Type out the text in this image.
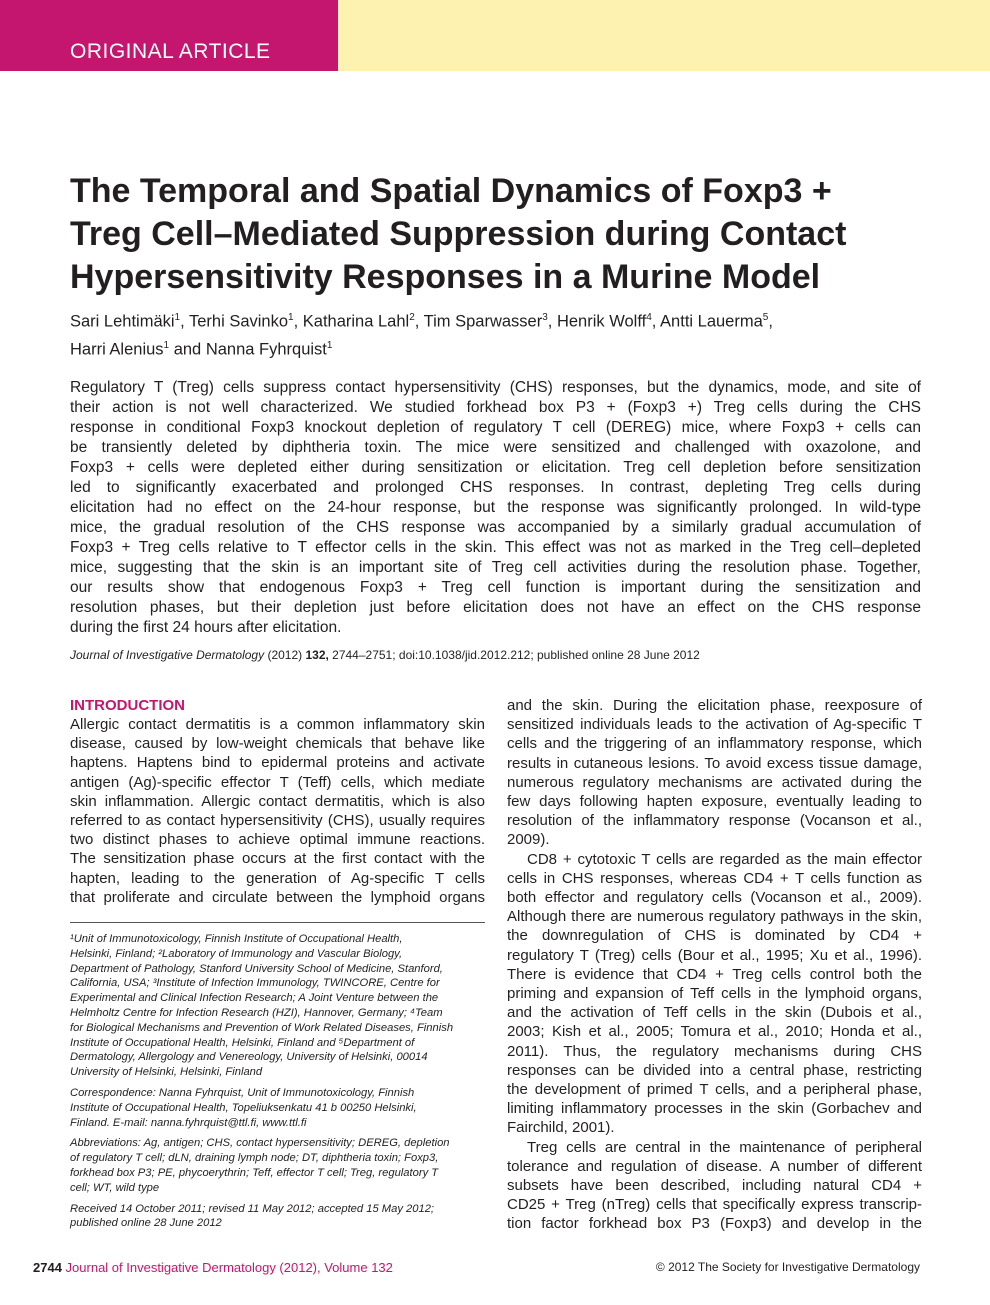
ORIGINAL ARTICLE
The Temporal and Spatial Dynamics of Foxp3 +
Treg Cell–Mediated Suppression during Contact
Hypersensitivity Responses in a Murine Model
Sari Lehtimäki$^1$, Terhi Savinko$^1$, Katharina Lahl$^2$, Tim Sparwasser$^3$, Henrik Wolff$^4$, Antti Lauerma$^5$,
Harri Alenius$^1$ and Nanna Fyhrquist$^1$
Regulatory T (Treg) cells suppress contact hypersensitivity (CHS) responses, but the dynamics, mode, and site of
their action is not well characterized. We studied forkhead box P3 + (Foxp3 +) Treg cells during the CHS
response in conditional Foxp3 knockout depletion of regulatory T cell (DEREG) mice, where Foxp3 + cells can
be transiently deleted by diphtheria toxin. The mice were sensitized and challenged with oxazolone, and
Foxp3 + cells were depleted either during sensitization or elicitation. Treg cell depletion before sensitization
led to significantly exacerbated and prolonged CHS responses. In contrast, depleting Treg cells during
elicitation had no effect on the 24-hour response, but the response was significantly prolonged. In wild-type
mice, the gradual resolution of the CHS response was accompanied by a similarly gradual accumulation of
Foxp3 + Treg cells relative to T effector cells in the skin. This effect was not as marked in the Treg cell–depleted
mice, suggesting that the skin is an important site of Treg cell activities during the resolution phase. Together,
our results show that endogenous Foxp3 + Treg cell function is important during the sensitization and
resolution phases, but their depletion just before elicitation does not have an effect on the CHS response
during the first 24 hours after elicitation.
Journal of Investigative Dermatology (2012) 132, 2744–2751; doi:10.1038/jid.2012.212; published online 28 June 2012
INTRODUCTION
Allergic contact dermatitis is a common inflammatory skin
disease, caused by low-weight chemicals that behave like
haptens. Haptens bind to epidermal proteins and activate
antigen (Ag)-specific effector T (Teff) cells, which mediate
skin inflammation. Allergic contact dermatitis, which is also
referred to as contact hypersensitivity (CHS), usually requires
two distinct phases to achieve optimal immune reactions.
The sensitization phase occurs at the first contact with the
hapten, leading to the generation of Ag-specific T cells
that proliferate and circulate between the lymphoid organs
¹Unit of Immunotoxicology, Finnish Institute of Occupational Health,
Helsinki, Finland; ²Laboratory of Immunology and Vascular Biology,
Department of Pathology, Stanford University School of Medicine, Stanford,
California, USA; ³Institute of Infection Immunology, TWINCORE, Centre for
Experimental and Clinical Infection Research; A Joint Venture between the
Helmholtz Centre for Infection Research (HZI), Hannover, Germany; ⁴Team
for Biological Mechanisms and Prevention of Work Related Diseases, Finnish
Institute of Occupational Health, Helsinki, Finland and ⁵Department of
Dermatology, Allergology and Venereology, University of Helsinki, 00014
University of Helsinki, Helsinki, Finland
Correspondence: Nanna Fyhrquist, Unit of Immunotoxicology, Finnish
Institute of Occupational Health, Topeliuksenkatu 41 b 00250 Helsinki,
Finland. E-mail: nanna.fyhrquist@ttl.fi, www.ttl.fi
Abbreviations: Ag, antigen; CHS, contact hypersensitivity; DEREG, depletion
of regulatory T cell; dLN, draining lymph node; DT, diphtheria toxin; Foxp3,
forkhead box P3; PE, phycoerythrin; Teff, effector T cell; Treg, regulatory T
cell; WT, wild type
Received 14 October 2011; revised 11 May 2012; accepted 15 May 2012;
published online 28 June 2012
and the skin. During the elicitation phase, reexposure of
sensitized individuals leads to the activation of Ag-specific T
cells and the triggering of an inflammatory response, which
results in cutaneous lesions. To avoid excess tissue damage,
numerous regulatory mechanisms are activated during the
few days following hapten exposure, eventually leading to
resolution of the inflammatory response (Vocanson et al.,
2009).
CD8 + cytotoxic T cells are regarded as the main effector
cells in CHS responses, whereas CD4 + T cells function as
both effector and regulatory cells (Vocanson et al., 2009).
Although there are numerous regulatory pathways in the skin,
the downregulation of CHS is dominated by CD4 +
regulatory T (Treg) cells (Bour et al., 1995; Xu et al., 1996).
There is evidence that CD4 + Treg cells control both the
priming and expansion of Teff cells in the lymphoid organs,
and the activation of Teff cells in the skin (Dubois et al.,
2003; Kish et al., 2005; Tomura et al., 2010; Honda et al.,
2011). Thus, the regulatory mechanisms during CHS
responses can be divided into a central phase, restricting
the development of primed T cells, and a peripheral phase,
limiting inflammatory processes in the skin (Gorbachev and
Fairchild, 2001).
Treg cells are central in the maintenance of peripheral
tolerance and regulation of disease. A number of different
subsets have been described, including natural CD4 +
CD25 + Treg (nTreg) cells that specifically express transcrip-
tion factor forkhead box P3 (Foxp3) and develop in the
2744 Journal of Investigative Dermatology (2012), Volume 132	© 2012 The Society for Investigative Dermatology
